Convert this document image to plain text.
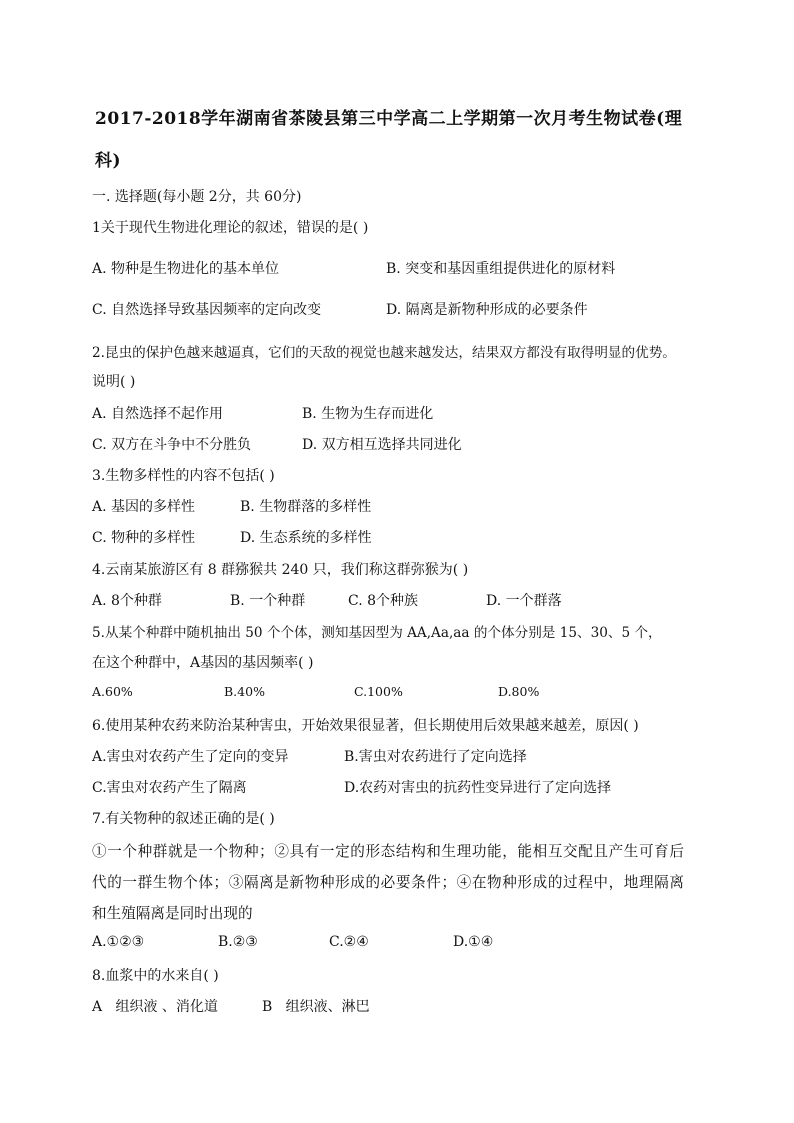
2017-2018学年湖南省茶陵县第三中学高二上学期第一次月考生物试卷(理
科)
一. 选择题(每小题 2分，共 60分)
1关于现代生物进化理论的叙述，错误的是( )
A. 物种是生物进化的基本单位	B. 突变和基因重组提供进化的原材料
C. 自然选择导致基因频率的定向改变	D. 隔离是新物种形成的必要条件
2.昆虫的保护色越来越逼真，它们的天敌的视觉也越来越发达，结果双方都没有取得明显的优势。
说明( )
A. 自然选择不起作用	B. 生物为生存而进化
C. 双方在斗争中不分胜负	D. 双方相互选择共同进化
3.生物多样性的内容不包括( )
A. 基因的多样性	B. 生物群落的多样性
C. 物种的多样性	D. 生态系统的多样性
4.云南某旅游区有 8 群猕猴共 240 只，我们称这群弥猴为( )
A. 8个种群	B. 一个种群	C. 8个种族	D. 一个群落
5.从某个种群中随机抽出 50 个个体，测知基因型为 AA,Aa,aa 的个体分别是 15、30、5 个，
在这个种群中，A基因的基因频率( )
A.60%	B.40%	C.100%	D.80%
6.使用某种农药来防治某种害虫，开始效果很显著，但长期使用后效果越来越差，原因( )
A.害虫对农药产生了定向的变异	B.害虫对农药进行了定向选择
C.害虫对农药产生了隔离	D.农药对害虫的抗药性变异进行了定向选择
7.有关物种的叙述正确的是( )
①一个种群就是一个物种；②具有一定的形态结构和生理功能，能相互交配且产生可育后
代的一群生物个体；③隔离是新物种形成的必要条件；④在物种形成的过程中，地理隔离
和生殖隔离是同时出现的
A.①②③	B.②③	C.②④	D.①④
8.血浆中的水来自( )
A   组织液 、消化道	B   组织液、淋巴
